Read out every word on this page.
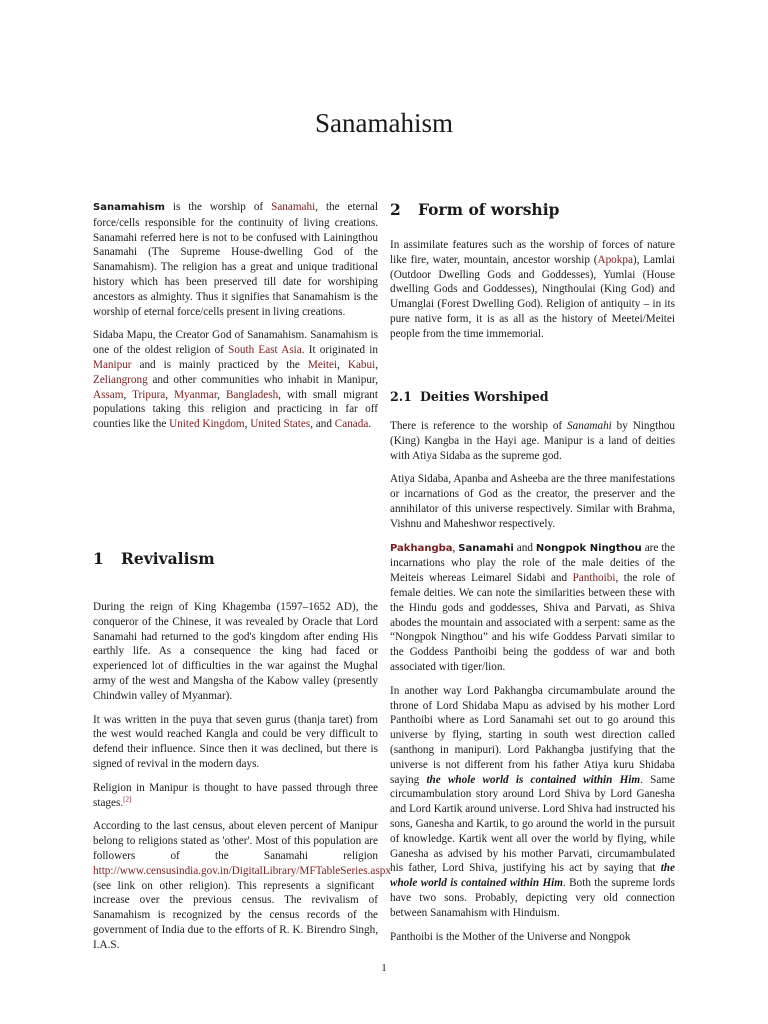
Sanamahism

Sanamahism is the worship of Sanamahi, the eternal force/cells responsible for the continuity of living creations. Sanamahi referred here is not to be confused with Lainingthou Sanamahi (The Supreme House-dwelling God of the Sanamahism). The religion has a great and unique traditional history which has been preserved till date for worshiping ancestors as almighty. Thus it signifies that Sanamahism is the worship of eternal force/cells present in living creations.

Sidaba Mapu, the Creator God of Sanamahism. Sanamahism is one of the oldest religion of South East Asia. It originated in Manipur and is mainly practiced by the Meitei, Kabui, Zeliangrong and other communities who inhabit in Manipur, Assam, Tripura, Myanmar, Bangladesh, with small migrant populations taking this religion and practicing in far off counties like the United Kingdom, United States, and Canada.

1 Revivalism

During the reign of King Khagemba (1597–1652 AD), the conqueror of the Chinese, it was revealed by Oracle that Lord Sanamahi had returned to the god's kingdom after ending His earthly life. As a consequence the king had faced or experienced lot of difficulties in the war against the Mughal army of the west and Mangsha of the Kabow valley (presently Chindwin valley of Myanmar).

It was written in the puya that seven gurus (thanja taret) from the west would reached Kangla and could be very difficult to defend their influence. Since then it was declined, but there is signed of revival in the modern days.

Religion in Manipur is thought to have passed through three stages.[2]

According to the last census, about eleven percent of Manipur belong to religions stated as 'other'. Most of this population are followers of the Sanamahi religion http://www.censusindia.gov.in/DigitalLibrary/MFTableSeries.aspx (see link on other religion). This represents a significant increase over the previous census. The revivalism of Sanamahism is recognized by the census records of the government of India due to the efforts of R. K. Birendro Singh, I.A.S.

2 Form of worship

In assimilate features such as the worship of forces of nature like fire, water, mountain, ancestor worship (Apokpa), Lamlai (Outdoor Dwelling Gods and Goddesses), Yumlai (House dwelling Gods and Goddesses), Ningthoulai (King God) and Umanglai (Forest Dwelling God). Religion of antiquity – in its pure native form, it is as all as the history of Meetei/Meitei people from the time immemorial.

2.1 Deities Worshiped

There is reference to the worship of Sanamahi by Ningthou (King) Kangba in the Hayi age. Manipur is a land of deities with Atiya Sidaba as the supreme god.

Atiya Sidaba, Apanba and Asheeba are the three manifestations or incarnations of God as the creator, the preserver and the annihilator of this universe respectively. Similar with Brahma, Vishnu and Maheshwor respectively.

Pakhangba, Sanamahi and Nongpok Ningthou are the incarnations who play the role of the male deities of the Meiteis whereas Leimarel Sidabi and Panthoibi, the role of female deities. We can note the similarities between these with the Hindu gods and goddesses, Shiva and Parvati, as Shiva abodes the mountain and associated with a serpent: same as the “Nongpok Ningthou” and his wife Goddess Parvati similar to the Goddess Panthoibi being the goddess of war and both associated with tiger/lion.

In another way Lord Pakhangba circumambulate around the throne of Lord Shidaba Mapu as advised by his mother Lord Panthoibi where as Lord Sanamahi set out to go around this universe by flying, starting in south west direction called (santhong in manipuri). Lord Pakhangba justifying that the universe is not different from his father Atiya kuru Shidaba saying the whole world is contained within Him. Same circumambulation story around Lord Shiva by Lord Ganesha and Lord Kartik around universe. Lord Shiva had instructed his sons, Ganesha and Kartik, to go around the world in the pursuit of knowledge. Kartik went all over the world by flying, while Ganesha as advised by his mother Parvati, circumambulated his father, Lord Shiva, justifying his act by saying that the whole world is contained within Him. Both the supreme lords have two sons. Probably, depicting very old connection between Sanamahism with Hinduism.

Panthoibi is the Mother of the Universe and Nongpok

1
